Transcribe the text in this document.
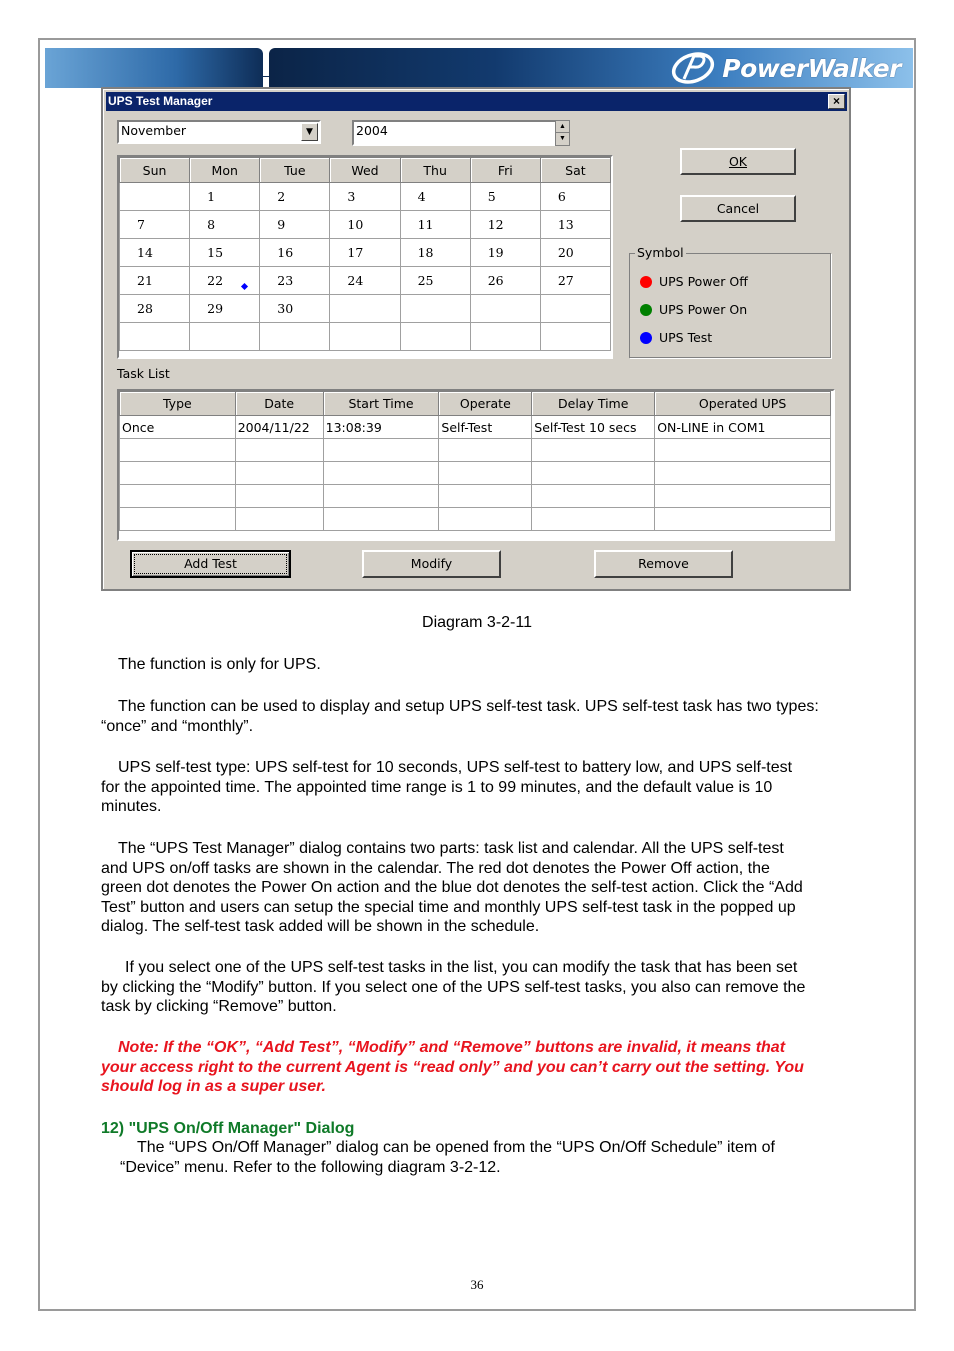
PowerWalker
UPS Test Manager	×
November	▼	2004	▲
▼
Sun	Mon	Tue	Wed	Thu	Fri	Sat
	1	2	3	4	5	6
7	8	9	10	11	12	13
14	15	16	17	18	19	20
21	22	23	24	25	26	27
28	29	30				

OK
Cancel
Symbol
UPS Power Off
UPS Power On
UPS Test
Task List
Type	Date	Start Time	Operate	Delay Time	Operated UPS
Once	2004/11/22	13:08:39	Self-Test	Self-Test 10 secs	ON-LINE in COM1

Add Test	Modify	Remove
Diagram 3-2-11
The function is only for UPS.
The function can be used to display and setup UPS self-test task. UPS self-test task has two types:
“once” and “monthly”.
UPS self-test type: UPS self-test for 10 seconds, UPS self-test to battery low, and UPS self-test
for the appointed time. The appointed time range is 1 to 99 minutes, and the default value is 10
minutes.
The “UPS Test Manager” dialog contains two parts: task list and calendar. All the UPS self-test
and UPS on/off tasks are shown in the calendar. The red dot denotes the Power Off action, the
green dot denotes the Power On action and the blue dot denotes the self-test action. Click the “Add
Test” button and users can setup the special time and monthly UPS self-test task in the popped up
dialog. The self-test task added will be shown in the schedule.
If you select one of the UPS self-test tasks in the list, you can modify the task that has been set
by clicking the “Modify” button. If you select one of the UPS self-test tasks, you also can remove the
task by clicking “Remove” button.
Note: If the “OK”, “Add Test”, “Modify” and “Remove” buttons are invalid, it means that
your access right to the current Agent is “read only” and you can’t carry out the setting. You
should log in as a super user.
12) "UPS On/Off Manager" Dialog
The “UPS On/Off Manager” dialog can be opened from the “UPS On/Off Schedule” item of
“Device” menu. Refer to the following diagram 3-2-12.
36
